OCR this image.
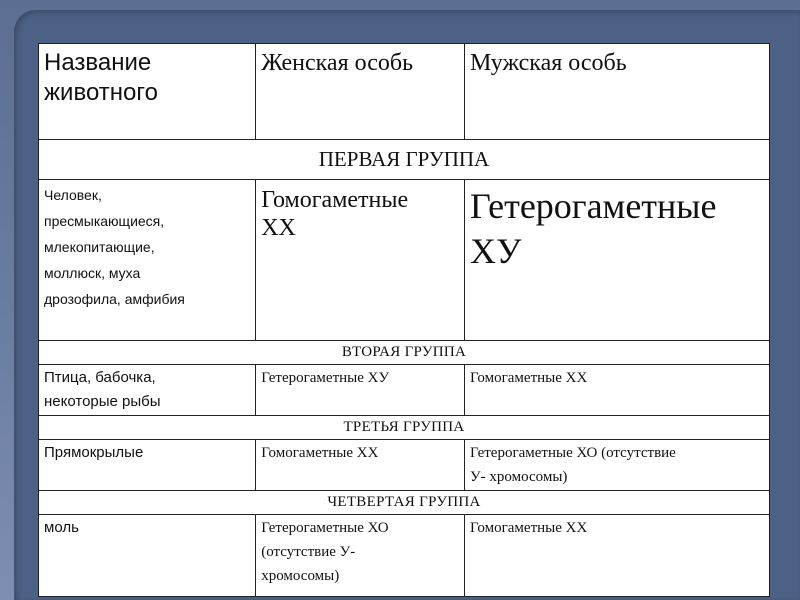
Название
животного	Женская особь	Мужская особь

ПЕРВАЯ ГРУППА		

Человек,
пресмыкающиеся,
млекопитающие,
моллюск, муха
дрозофила, амфибия	Гомогаметные
ХХ	Гетерогаметные
ХУ

ВТОРАЯ ГРУППА		

Птица, бабочка,
некоторые рыбы	Гетерогаметные ХУ	Гомогаметные ХХ

ТРЕТЬЯ ГРУППА		

Прямокрылые	Гомогаметные ХХ	Гетерогаметные ХО (отсутствие
У- хромосомы)

ЧЕТВЕРТАЯ ГРУППА		

моль	Гетерогаметные ХО
(отсутствие У-
хромосомы)	Гомогаметные ХХ
